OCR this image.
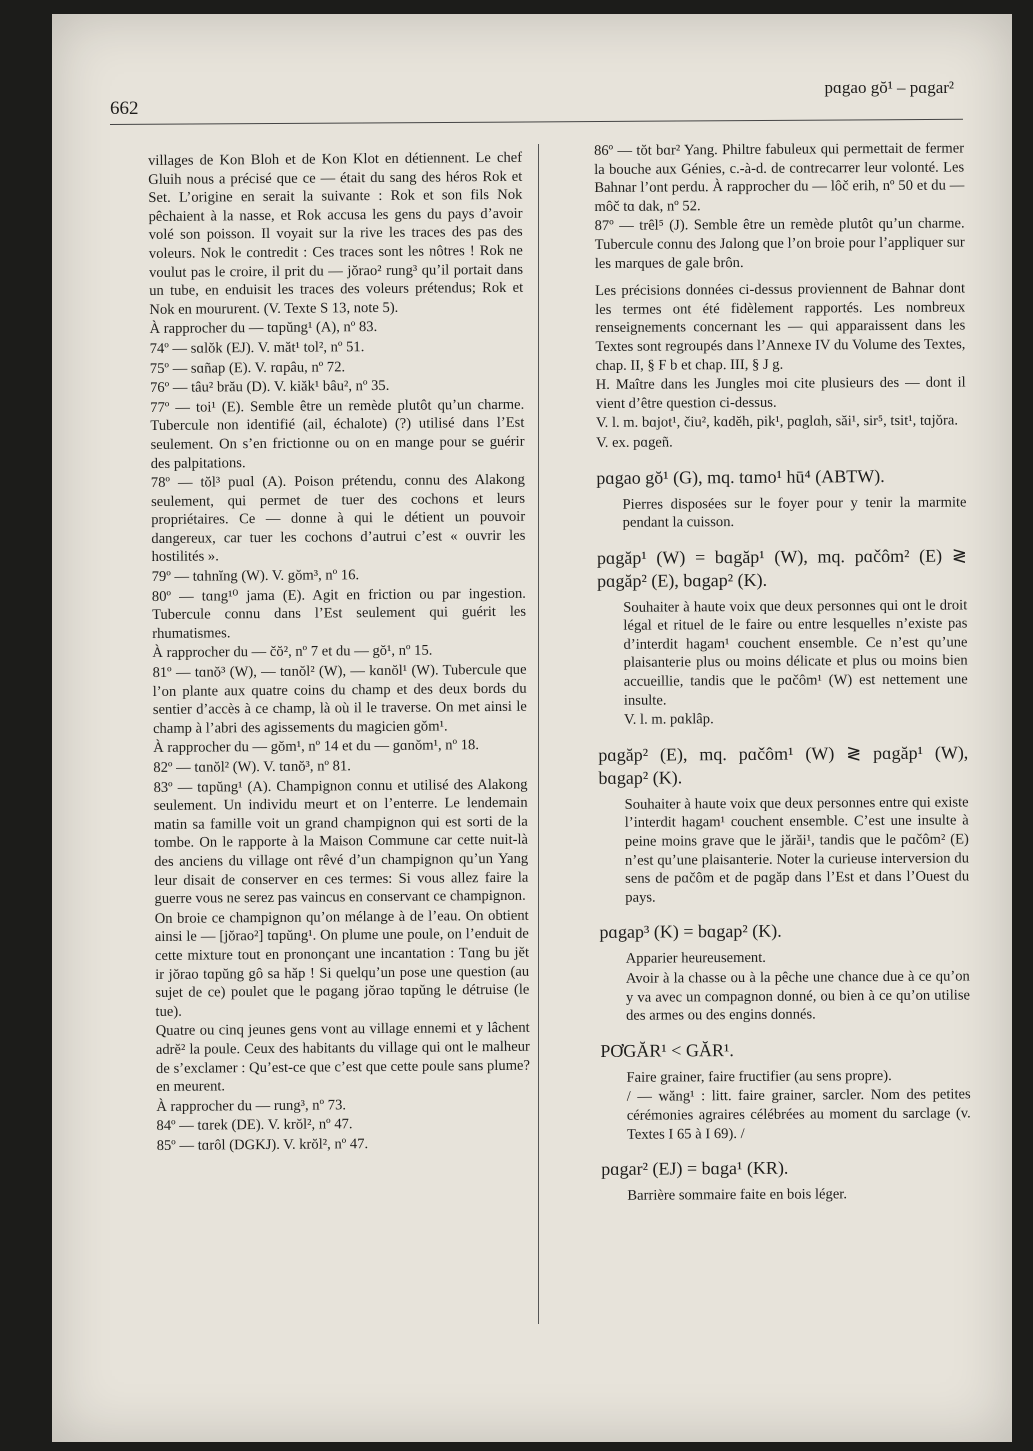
662
pɑgao gŏ¹ – pɑgar²

villages de Kon Bloh et de Kon Klot en détiennent. Le chef Gluih nous a précisé que ce — était du sang des héros Rok et Set. L’origine en serait la suivante : Rok et son fils Nok pêchaient à la nasse, et Rok accusa les gens du pays d’avoir volé son poisson. Il voyait sur la rive les traces des pas des voleurs. Nok le contredit : Ces traces sont les nôtres ! Rok ne voulut pas le croire, il prit du — jŏrao² rung³ qu’il portait dans un tube, en enduisit les traces des voleurs prétendus; Rok et Nok en moururent. (V. Texte S 13, note 5).

À rapprocher du — tɑpŭng¹ (A), nº 83.

74º — sɑlŏk (EJ). V. măt¹ tol², nº 51.

75º — sɑñap (E). V. rɑpâu, nº 72.

76º — tâu² brău (D). V. kiăk¹ bâu², nº 35.

77º — toi¹ (E). Semble être un remède plutôt qu’un charme. Tubercule non identifié (ail, échalote) (?) utilisé dans l’Est seulement. On s’en frictionne ou on en mange pour se guérir des palpitations.

78º — tŏl³ puɑl (A). Poison prétendu, connu des Alakong seulement, qui permet de tuer des cochons et leurs propriétaires. Ce — donne à qui le détient un pouvoir dangereux, car tuer les cochons d’autrui c’est « ouvrir les hostilités ».

79º — tɑhnĭng (W). V. gŏm³, nº 16.

80º — tɑng¹⁰ jama (E). Agit en friction ou par ingestion. Tubercule connu dans l’Est seulement qui guérit les rhumatismes.

À rapprocher du — čŏ², nº 7 et du — gŏ¹, nº 15.

81º — tɑnŏ³ (W), — tɑnŏl² (W), — kɑnŏl¹ (W). Tubercule que l’on plante aux quatre coins du champ et des deux bords du sentier d’accès à ce champ, là où il le traverse. On met ainsi le champ à l’abri des agissements du magicien gŏm¹.

À rapprocher du — gŏm¹, nº 14 et du — gɑnŏm¹, nº 18.

82º — tɑnŏl² (W). V. tɑnŏ³, nº 81.

83º — tɑpŭng¹ (A). Champignon connu et utilisé des Alakong seulement. Un individu meurt et on l’enterre. Le lendemain matin sa famille voit un grand champignon qui est sorti de la tombe. On le rapporte à la Maison Commune car cette nuit-là des anciens du village ont rêvé d’un champignon qu’un Yang leur disait de conserver en ces termes: Si vous allez faire la guerre vous ne serez pas vaincus en conservant ce champignon.

On broie ce champignon qu’on mélange à de l’eau. On obtient ainsi le — [jŏrao²] tɑpŭng¹. On plume une poule, on l’enduit de cette mixture tout en prononçant une incantation : Tɑng bu jĕt ir jŏrao tɑpŭng gô sa hăp ! Si quelqu’un pose une question (au sujet de ce) poulet que le pɑgang jŏrao tɑpŭng le détruise (le tue).

Quatre ou cinq jeunes gens vont au village ennemi et y lâchent adrĕ² la poule. Ceux des habitants du village qui ont le malheur de s’exclamer : Qu’est-ce que c’est que cette poule sans plume? en meurent.

À rapprocher du — rung³, nº 73.

84º — tɑrek (DE). V. krŏl², nº 47.

85º — tɑrôl (DGKJ). V. krŏl², nº 47.

86º — tŏt bɑr² Yang. Philtre fabuleux qui permettait de fermer la bouche aux Génies, c.-à-d. de contrecarrer leur volonté. Les Bahnar l’ont perdu. À rapprocher du — lôč erih, nº 50 et du — môč tɑ dak, nº 52.

87º — trêl⁵ (J). Semble être un remède plutôt qu’un charme. Tubercule connu des Jɑlong que l’on broie pour l’appliquer sur les marques de gale brôn.

Les précisions données ci-dessus proviennent de Bahnar dont les termes ont été fidèlement rapportés. Les nombreux renseignements concernant les — qui apparaissent dans les Textes sont regroupés dans l’Annexe IV du Volume des Textes, chap. II, § F b et chap. III, § J g.

H. Maître dans les Jungles moi cite plusieurs des — dont il vient d’être question ci-dessus.

V. l. m. bɑjot¹, čiu², kɑdĕh, pik¹, pɑglɑh, săi¹, sir⁵, tsit¹, tɑjŏra.

V. ex. pɑgeñ.

pɑgao gŏ¹ (G), mq. tɑmo¹ hū⁴ (ABTW).

Pierres disposées sur le foyer pour y tenir la marmite pendant la cuisson.

pɑgăp¹ (W) = bɑgăp¹ (W), mq. pɑčôm² (E) ≷ pɑgăp² (E), bɑgap² (K).

Souhaiter à haute voix que deux personnes qui ont le droit légal et rituel de le faire ou entre lesquelles n’existe pas d’interdit hagam¹ couchent ensemble. Ce n’est qu’une plaisanterie plus ou moins délicate et plus ou moins bien accueillie, tandis que le pɑčôm¹ (W) est nettement une insulte.

V. l. m. pɑklâp.

pɑgăp² (E), mq. pɑčôm¹ (W) ≷ pɑgăp¹ (W), bɑgap² (K).

Souhaiter à haute voix que deux personnes entre qui existe l’interdit hagam¹ couchent ensemble. C’est une insulte à peine moins grave que le jărăi¹, tandis que le pɑčôm² (E) n’est qu’une plaisanterie. Noter la curieuse interversion du sens de pɑčôm et de pɑgăp dans l’Est et dans l’Ouest du pays.

pɑgap³ (K) = bɑgap² (K).

Apparier heureusement.

Avoir à la chasse ou à la pêche une chance due à ce qu’on y va avec un compagnon donné, ou bien à ce qu’on utilise des armes ou des engins donnés.

PƠGĂR¹ < GĂR¹.

Faire grainer, faire fructifier (au sens propre).

/ — wăng¹ : litt. faire grainer, sarcler. Nom des petites cérémonies agraires célébrées au moment du sarclage (v. Textes I 65 à I 69). /

pɑgar² (EJ) = bɑga¹ (KR).

Barrière sommaire faite en bois léger.
